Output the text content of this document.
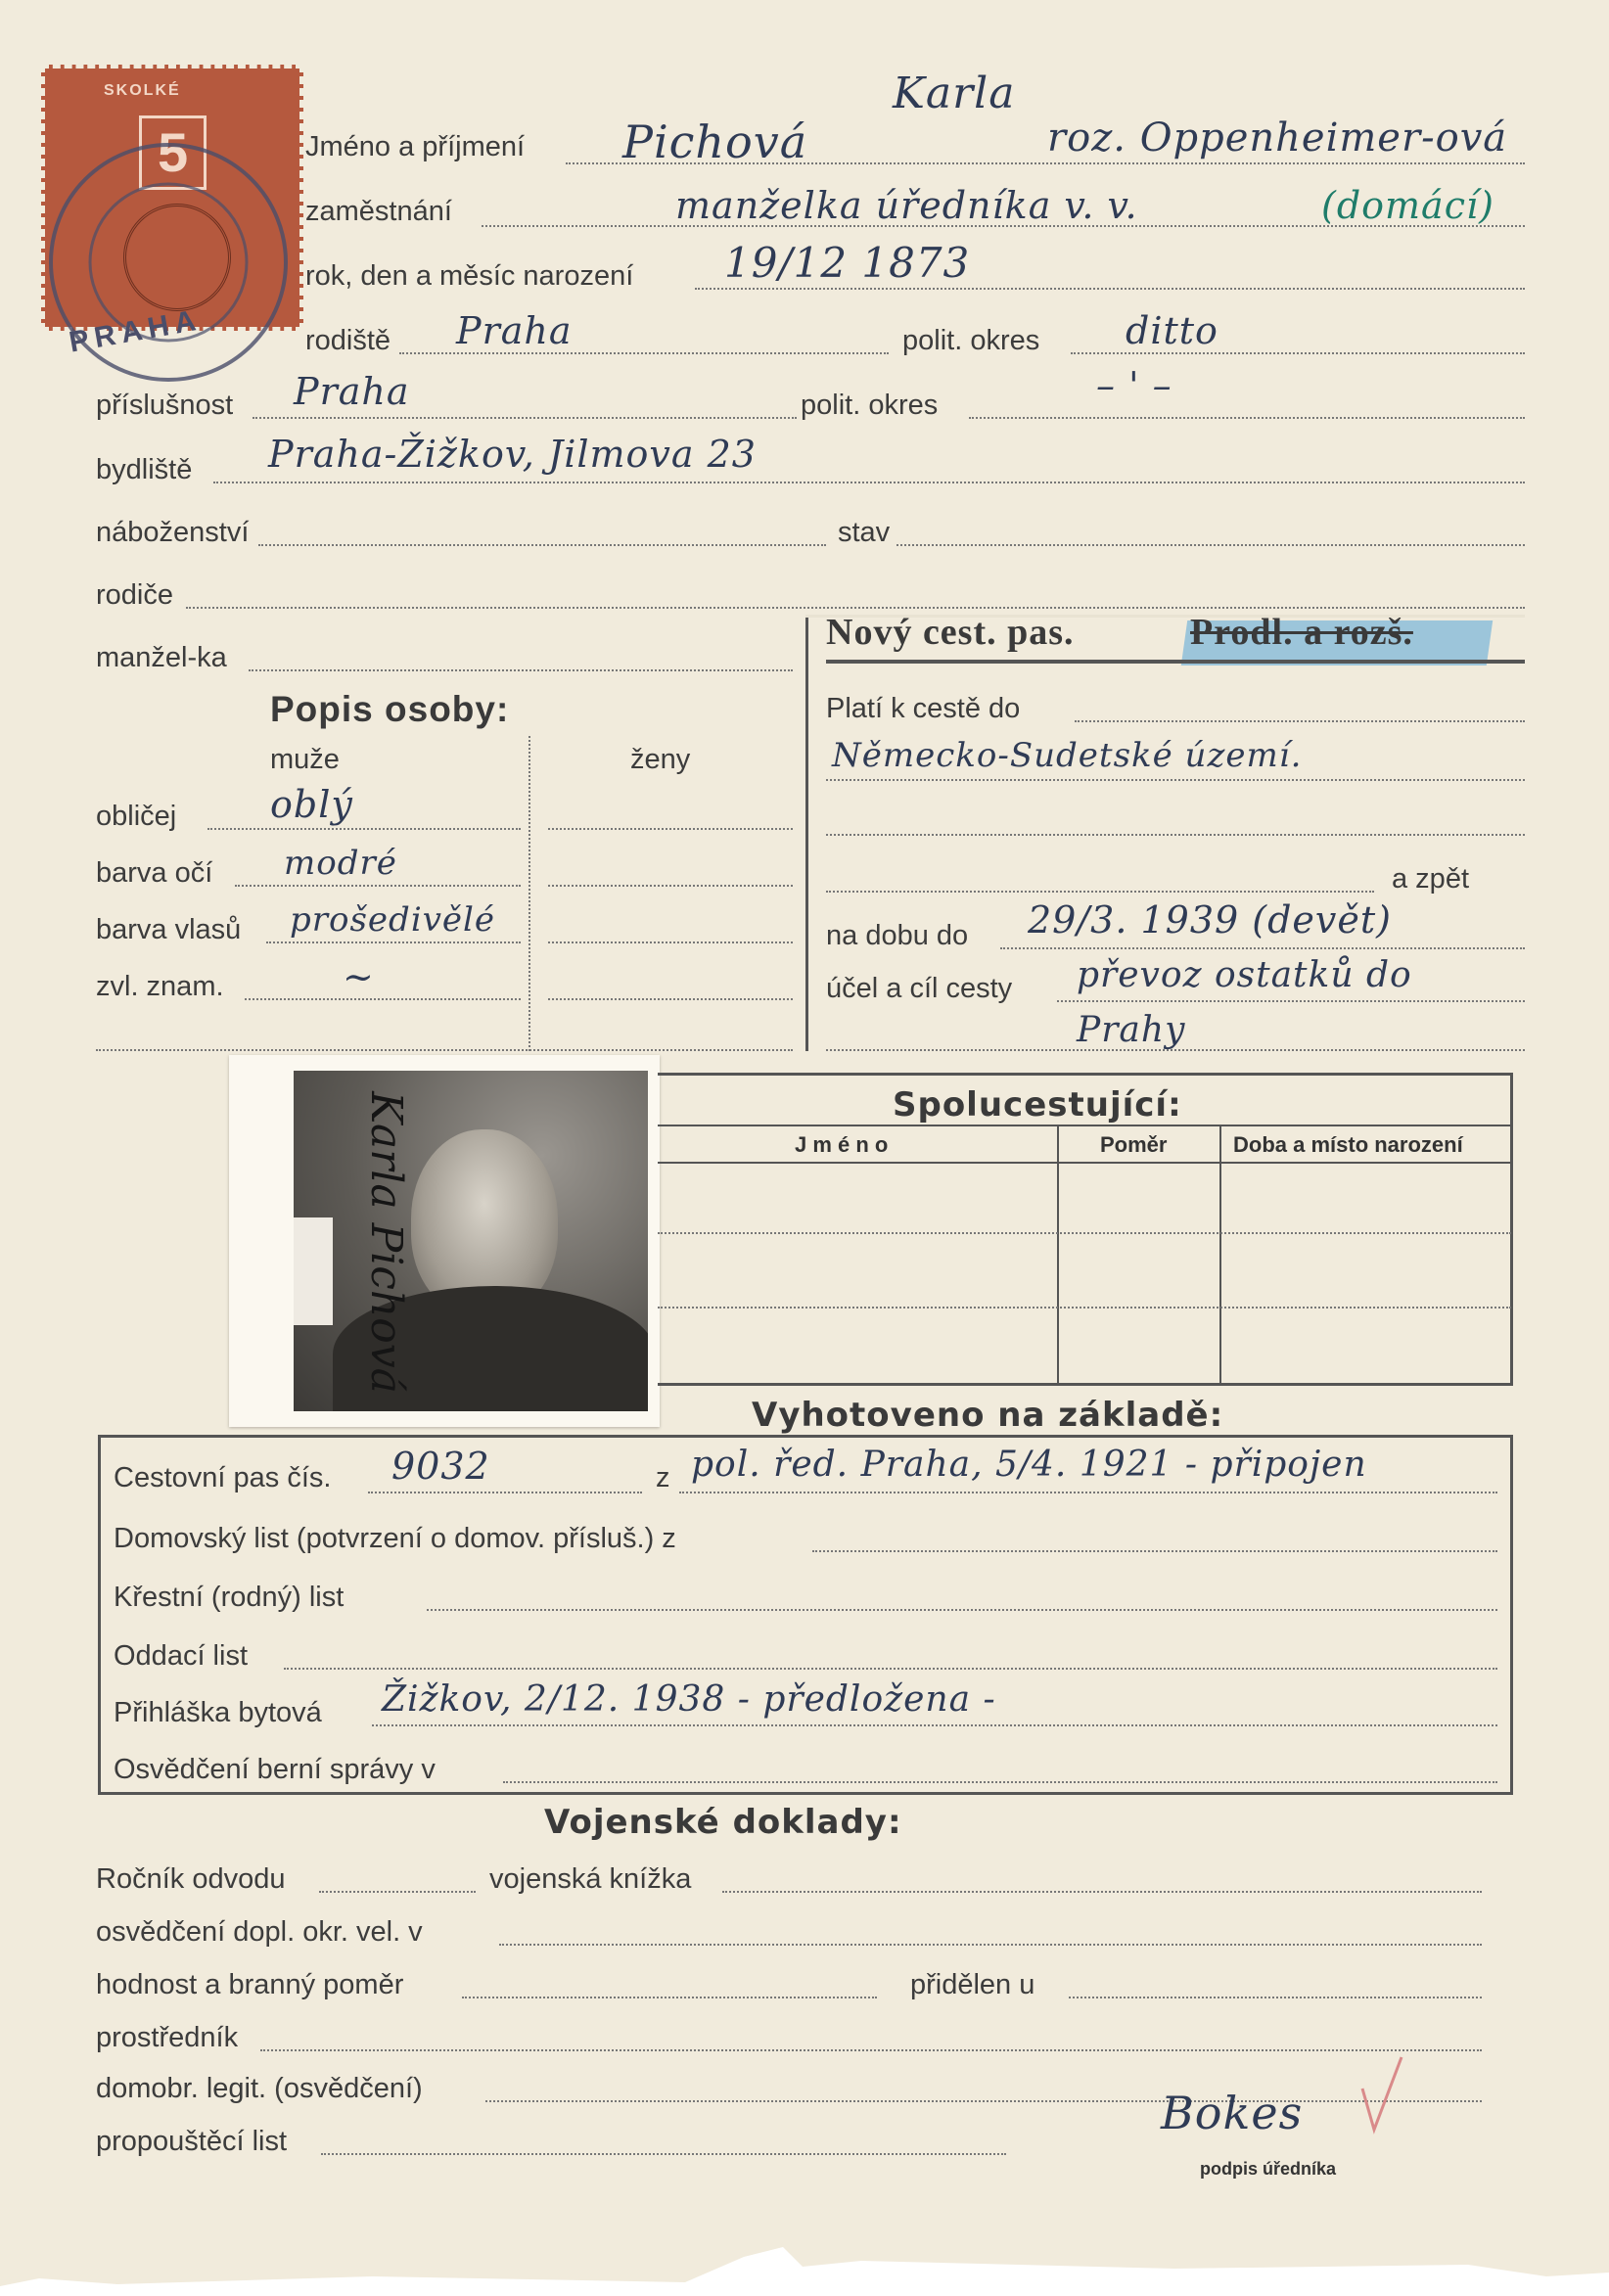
SKOLKÉ
5
PRAHA
Jméno a příjmení Pichová
Karla
roz. Oppenheimer-ová
zaměstnání	manželka úředníka v. v.	(domácí)
rok, den a měsíc narození 19/12 1873
rodiště Praha	polit. okres ditto
příslušnost Praha	polit. okres	– ' –
bydliště Praha-Žižkov, Jilmova 23
náboženství	stav
rodiče
manžel-ka
Popis osoby:
muže	ženy
obličej	oblý
barva očí modré
barva vlasů prošedivělé
zvl. znam.	~
Nový cest. pas.	Prodl. a rozš.
Platí k cestě do
Německo-Sudetské území.
a zpět
na dobu do 29/3. 1939 (devět)
účel a cíl cesty převoz ostatků do
Prahy
Karla Pichová	Spolucestující:
J m é n o	Poměr	Doba a místo narození
Vyhotoveno na základě:
Cestovní pas čís. 9032	z pol. řed. Praha, 5/4. 1921 - připojen
Domovský list (potvrzení o domov. přísluš.) z
Křestní (rodný) list
Oddací list
Přihláška bytová Žižkov, 2/12. 1938 - předložena -
Osvědčení berní správy v
Vojenské doklady:
Ročník odvodu	vojenská knížka
osvědčení dopl. okr. vel. v
hodnost a branný poměr	přidělen u
prostředník
domobr. legit. (osvědčení)
propouštěcí list
Bokes
podpis úředníka
